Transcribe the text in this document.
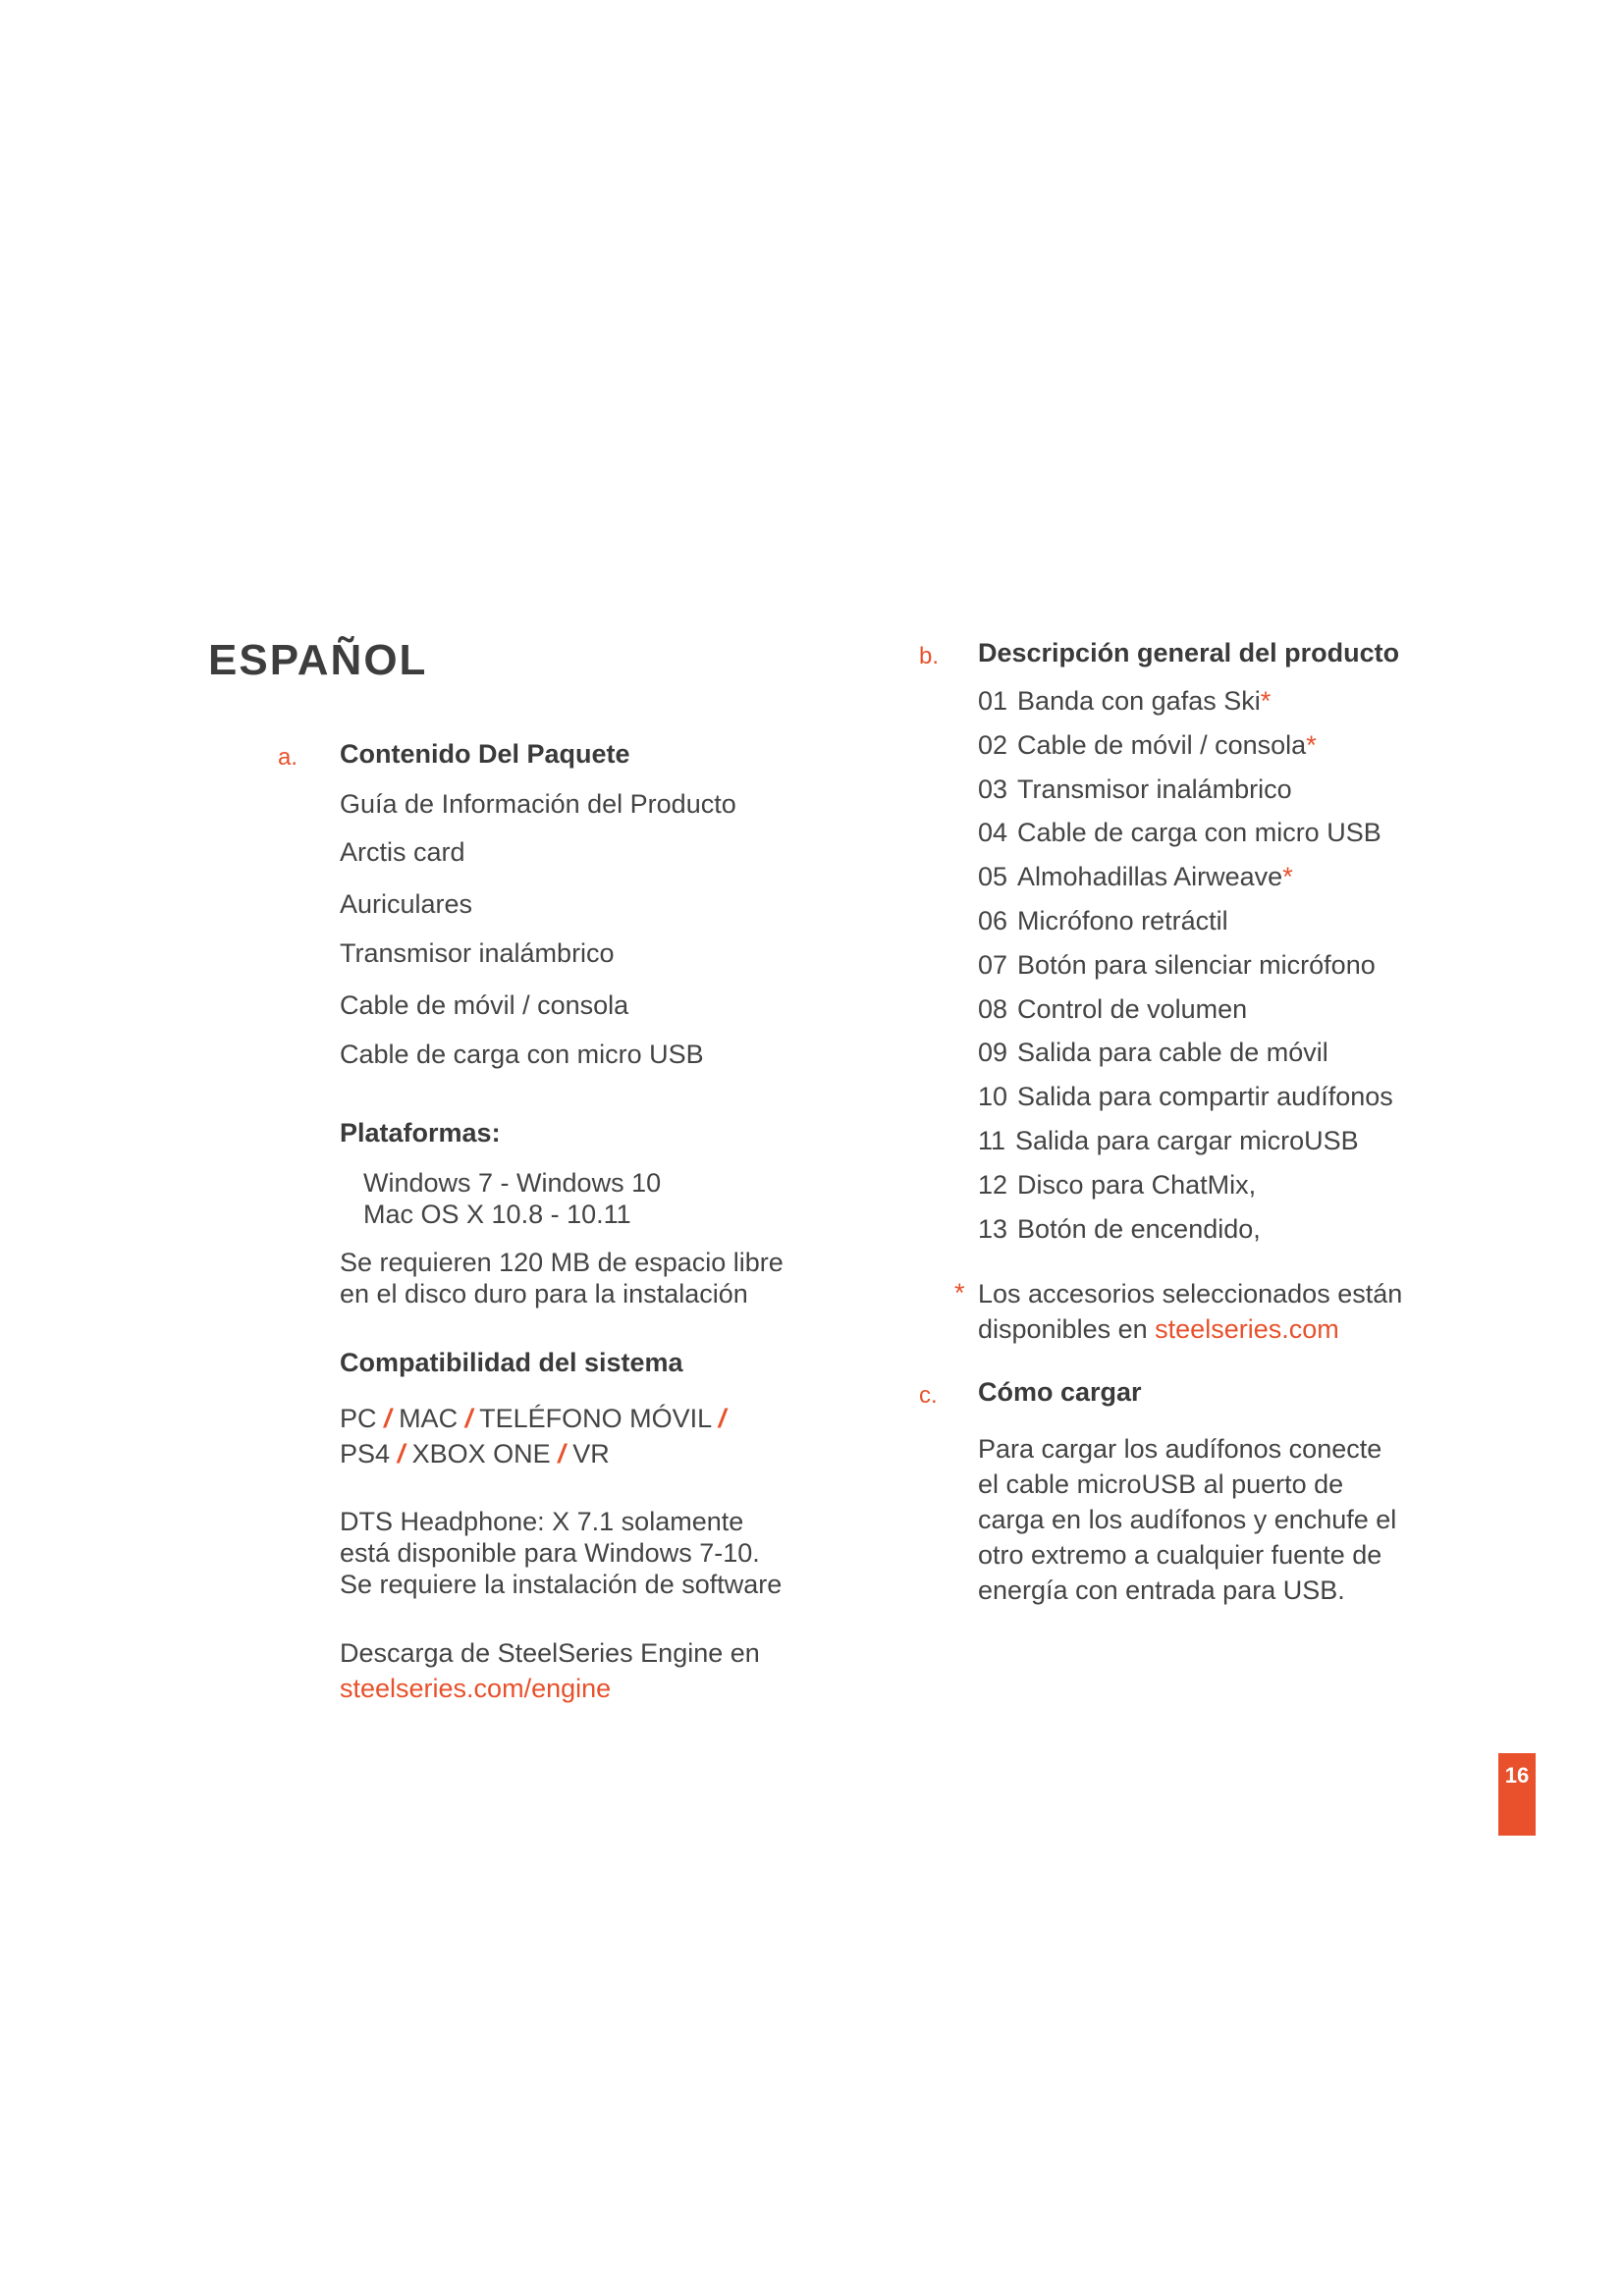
ESPAÑOL
a. Contenido Del Paquete
Guía de Información del Producto
Arctis card
Auriculares
Transmisor inalámbrico
Cable de móvil / consola
Cable de carga con micro USB
Plataformas:
Windows 7 - Windows 10
Mac OS X 10.8 - 10.11
Se requieren 120 MB de espacio libre
en el disco duro para la instalación
Compatibilidad del sistema
PC / MAC / TELÉFONO MÓVIL /
PS4 / XBOX ONE / VR
DTS Headphone: X 7.1 solamente
está disponible para Windows 7-10.
Se requiere la instalación de software
Descarga de SteelSeries Engine en
steelseries.com/engine
b. Descripción general del producto
01 Banda con gafas Ski*
02 Cable de móvil / consola*
03 Transmisor inalámbrico
04 Cable de carga con micro USB
05 Almohadillas Airweave*
06 Micrófono retráctil
07 Botón para silenciar micrófono
08 Control de volumen
09 Salida para cable de móvil
10 Salida para compartir audífonos
11 Salida para cargar microUSB
12 Disco para ChatMix,
13 Botón de encendido,
* Los accesorios seleccionados están
disponibles en steelseries.com
c. Cómo cargar
Para cargar los audífonos conecte
el cable microUSB al puerto de
carga en los audífonos y enchufe el
otro extremo a cualquier fuente de
energía con entrada para USB.
16
